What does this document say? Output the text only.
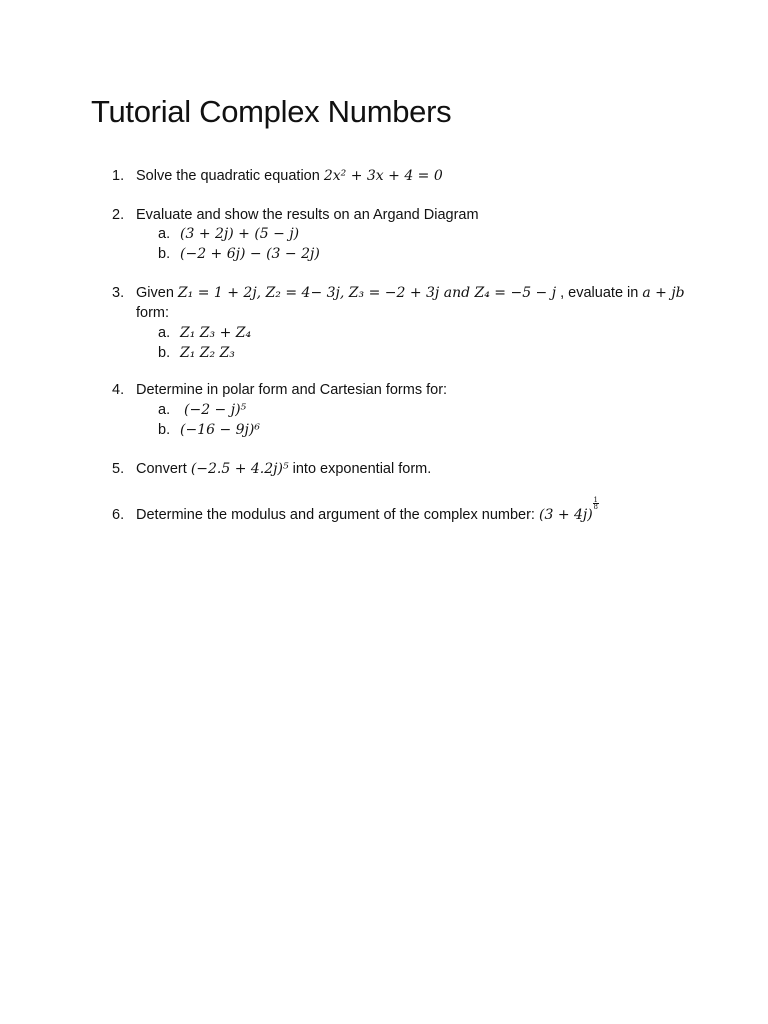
Tutorial Complex Numbers
1. Solve the quadratic equation 2x² + 3x + 4 = 0
2. Evaluate and show the results on an Argand Diagram
a. (3 + 2j) + (5 − j)
b. (−2 + 6j) − (3 − 2j)
3. Given Z₁ = 1 + 2j, Z₂ = 4− 3j, Z₃ = −2 + 3j and Z₄ = −5 − j , evaluate in a + jb
form:
a. Z₁ Z₃ + Z₄
b. Z₁ Z₂ Z₃
4. Determine in polar form and Cartesian forms for:
a. (−2 − j)⁵
b. (−16 − 9j)⁶
5. Convert (−2.5 + 4.2j)⁵ into exponential form.
6. Determine the modulus and argument of the complex number: (3 + 4j)
$\frac{1}{8}$
